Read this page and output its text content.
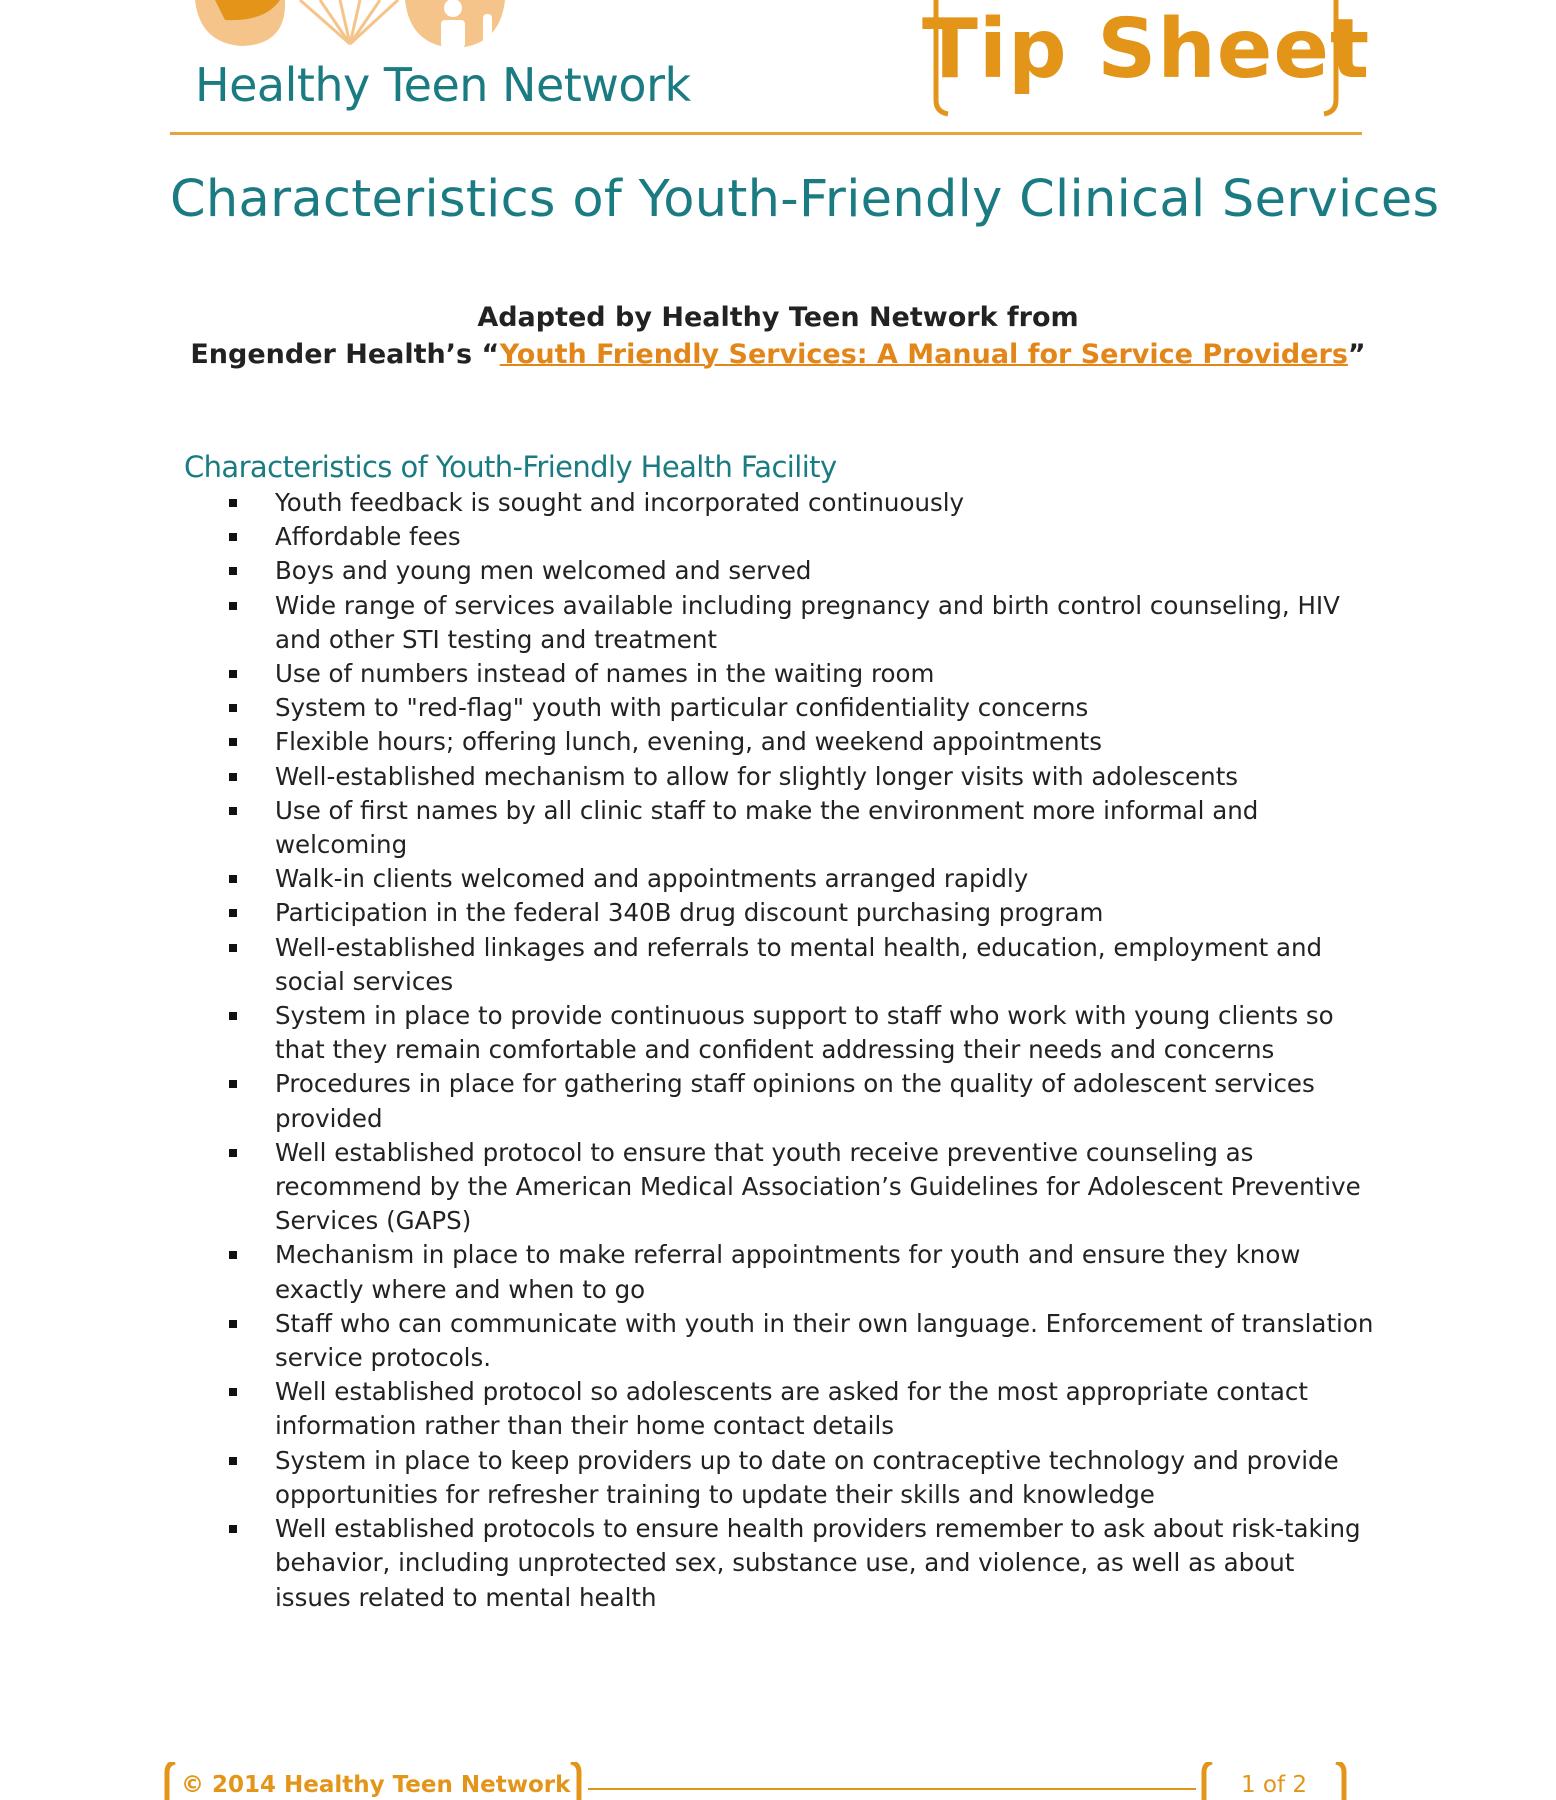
Healthy Teen Network	Tip Sheet
Characteristics of Youth-Friendly Clinical Services
Adapted by Healthy Teen Network from
Engender Health’s “Youth Friendly Services: A Manual for Service Providers”
Characteristics of Youth-Friendly Health Facility
Youth feedback is sought and incorporated continuously
Affordable fees
Boys and young men welcomed and served
Wide range of services available including pregnancy and birth control counseling, HIV and other STI testing and treatment
Use of numbers instead of names in the waiting room
System to "red-flag" youth with particular confidentiality concerns
Flexible hours; offering lunch, evening, and weekend appointments
Well-established mechanism to allow for slightly longer visits with adolescents
Use of first names by all clinic staff to make the environment more informal and welcoming
Walk-in clients welcomed and appointments arranged rapidly
Participation in the federal 340B drug discount purchasing program
Well-established linkages and referrals to mental health, education, employment and social services
System in place to provide continuous support to staff who work with young clients so that they remain comfortable and confident addressing their needs and concerns
Procedures in place for gathering staff opinions on the quality of adolescent services provided
Well established protocol to ensure that youth receive preventive counseling as recommend by the American Medical Association’s Guidelines for Adolescent Preventive Services (GAPS)
Mechanism in place to make referral appointments for youth and ensure they know exactly where and when to go
Staff who can communicate with youth in their own language. Enforcement of translation service protocols.
Well established protocol so adolescents are asked for the most appropriate contact information rather than their home contact details
System in place to keep providers up to date on contraceptive technology and provide opportunities for refresher training to update their skills and knowledge
Well established protocols to ensure health providers remember to ask about risk-taking behavior, including unprotected sex, substance use, and violence, as well as about issues related to mental health
© 2014 Healthy Teen Network	1 of 2
